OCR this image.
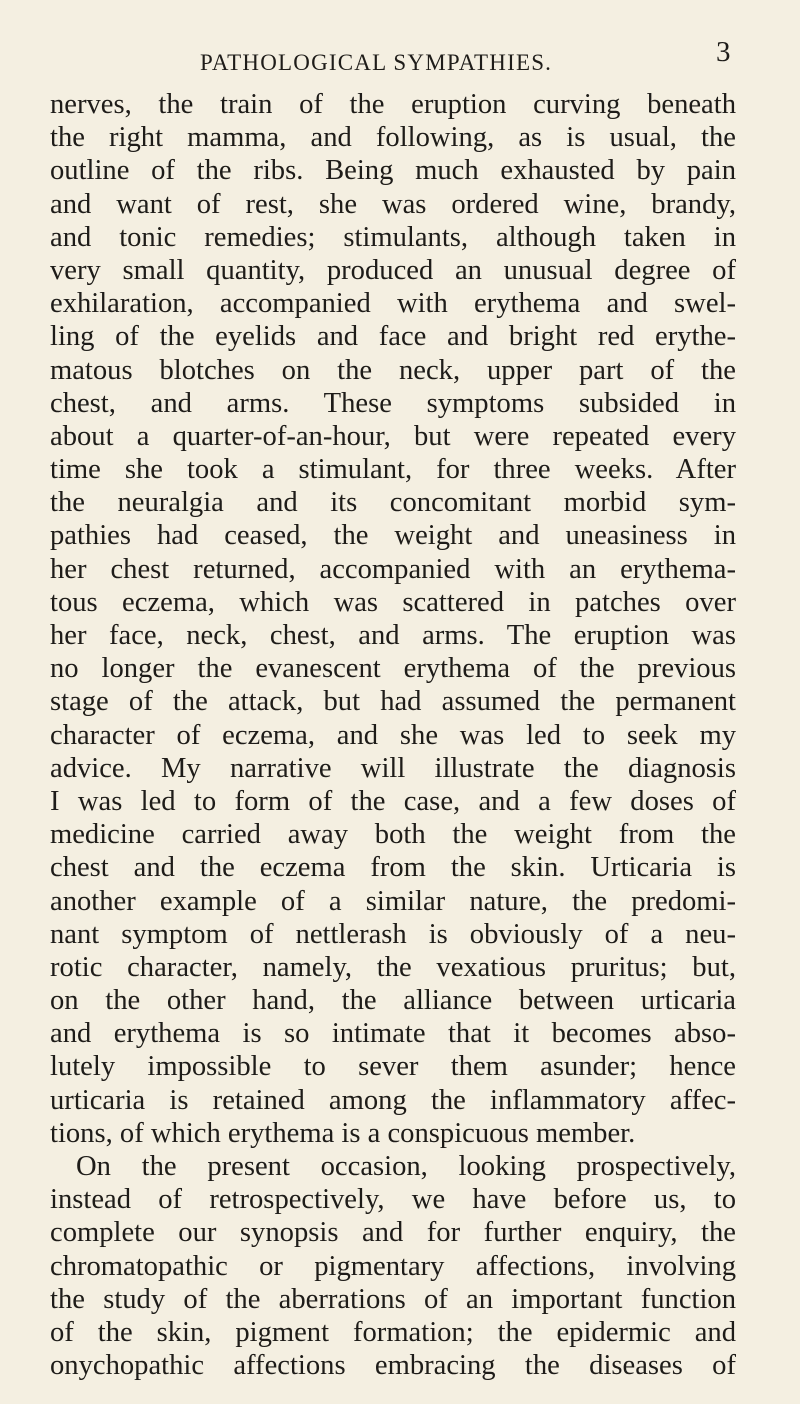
PATHOLOGICAL SYMPATHIES.	3
nerves, the train of the eruption curving beneath
the right mamma, and following, as is usual, the
outline of the ribs. Being much exhausted by pain
and want of rest, she was ordered wine, brandy,
and tonic remedies; stimulants, although taken in
very small quantity, produced an unusual degree of
exhilaration, accompanied with erythema and swel-
ling of the eyelids and face and bright red erythe-
matous blotches on the neck, upper part of the
chest, and arms. These symptoms subsided in
about a quarter-of-an-hour, but were repeated every
time she took a stimulant, for three weeks. After
the neuralgia and its concomitant morbid sym-
pathies had ceased, the weight and uneasiness in
her chest returned, accompanied with an erythema-
tous eczema, which was scattered in patches over
her face, neck, chest, and arms. The eruption was
no longer the evanescent erythema of the previous
stage of the attack, but had assumed the permanent
character of eczema, and she was led to seek my
advice. My narrative will illustrate the diagnosis
I was led to form of the case, and a few doses of
medicine carried away both the weight from the
chest and the eczema from the skin. Urticaria is
another example of a similar nature, the predomi-
nant symptom of nettlerash is obviously of a neu-
rotic character, namely, the vexatious pruritus; but,
on the other hand, the alliance between urticaria
and erythema is so intimate that it becomes abso-
lutely impossible to sever them asunder; hence
urticaria is retained among the inflammatory affec-
tions, of which erythema is a conspicuous member.
On the present occasion, looking prospectively,
instead of retrospectively, we have before us, to
complete our synopsis and for further enquiry, the
chromatopathic or pigmentary affections, involving
the study of the aberrations of an important function
of the skin, pigment formation; the epidermic and
onychopathic affections embracing the diseases of
